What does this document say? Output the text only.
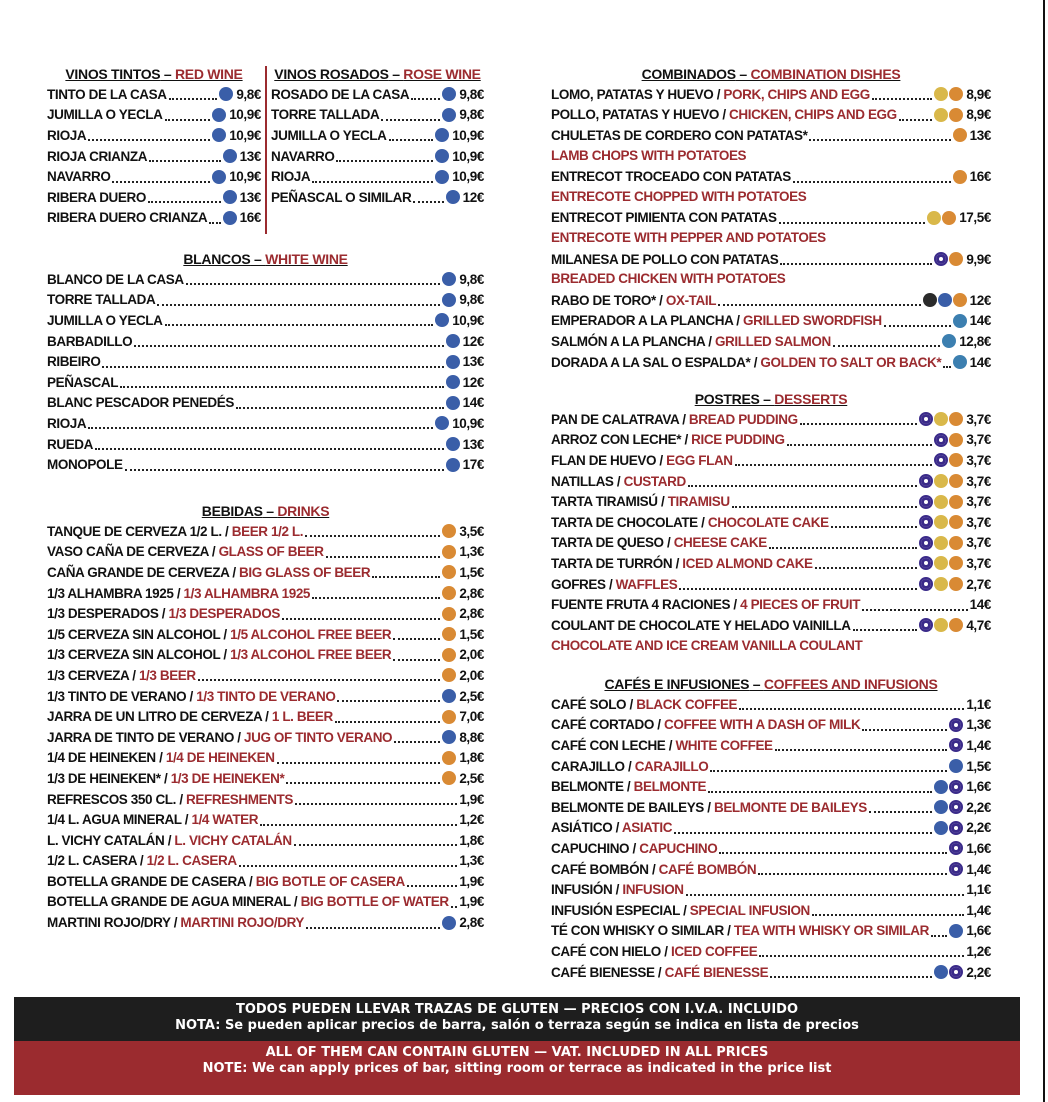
VINOS TINTOS – RED WINE
TINTO DE LA CASA	9,8€
JUMILLA O YECLA	10,9€
RIOJA	10,9€
RIOJA CRIANZA	13€
NAVARRO	10,9€
RIBERA DUERO	13€
RIBERA DUERO CRIANZA 16€
VINOS ROSADOS – ROSE WINE
ROSADO DE LA CASA	9,8€
TORRE TALLADA	9,8€
JUMILLA O YECLA	10,9€
NAVARRO	10,9€
RIOJA	10,9€
PEÑASCAL O SIMILAR	12€
BLANCOS – WHITE WINE
BLANCO DE LA CASA	9,8€
TORRE TALLADA	9,8€
JUMILLA O YECLA	10,9€
BARBADILLO	12€
RIBEIRO	13€
PEÑASCAL	12€
BLANC PESCADOR PENEDÉS	14€
RIOJA	10,9€
RUEDA	13€
MONOPOLE	17€
BEBIDAS – DRINKS
TANQUE DE CERVEZA 1/2 L. / BEER 1/2 L.	3,5€
VASO CAÑA DE CERVEZA / GLASS OF BEER	1,3€
CAÑA GRANDE DE CERVEZA / BIG GLASS OF BEER	1,5€
1/3 ALHAMBRA 1925 / 1/3 ALHAMBRA 1925	2,8€
1/3 DESPERADOS / 1/3 DESPERADOS	2,8€
1/5 CERVEZA SIN ALCOHOL / 1/5 ALCOHOL FREE BEER	1,5€
1/3 CERVEZA SIN ALCOHOL / 1/3 ALCOHOL FREE BEER	2,0€
1/3 CERVEZA / 1/3 BEER	2,0€
1/3 TINTO DE VERANO / 1/3 TINTO DE VERANO	2,5€
JARRA DE UN LITRO DE CERVEZA / 1 L. BEER	7,0€
JARRA DE TINTO DE VERANO / JUG OF TINTO VERANO	8,8€
1/4 DE HEINEKEN / 1/4 DE HEINEKEN	1,8€
1/3 DE HEINEKEN* / 1/3 DE HEINEKEN*	2,5€
REFRESCOS 350 CL. / REFRESHMENTS	1,9€
1/4 L. AGUA MINERAL / 1/4 WATER	1,2€
L. VICHY CATALÁN / L. VICHY CATALÁN	1,8€
1/2 L. CASERA / 1/2 L. CASERA	1,3€
BOTELLA GRANDE DE CASERA / BIG BOTLE OF CASERA	1,9€
BOTELLA GRANDE DE AGUA MINERAL / BIG BOTTLE OF WATER 1,9€
MARTINI ROJO/DRY / MARTINI ROJO/DRY	2,8€
COMBINADOS – COMBINATION DISHES
LOMO, PATATAS Y HUEVO / PORK, CHIPS AND EGG	8,9€
POLLO, PATATAS Y HUEVO / CHICKEN, CHIPS AND EGG	8,9€
CHULETAS DE CORDERO CON PATATAS*	13€
LAMB CHOPS WITH POTATOES
ENTRECOT TROCEADO CON PATATAS	16€
ENTRECOTE CHOPPED WITH POTATOES
ENTRECOT PIMIENTA CON PATATAS	17,5€
ENTRECOTE WITH PEPPER AND POTATOES
MILANESA DE POLLO CON PATATAS	9,9€
BREADED CHICKEN WITH POTATOES
RABO DE TORO* / OX-TAIL	12€
EMPERADOR A LA PLANCHA / GRILLED SWORDFISH	14€
SALMÓN A LA PLANCHA / GRILLED SALMON	12,8€
DORADA A LA SAL O ESPALDA* / GOLDEN TO SALT OR BACK* 14€
POSTRES – DESSERTS
PAN DE CALATRAVA / BREAD PUDDING	3,7€
ARROZ CON LECHE* / RICE PUDDING	3,7€
FLAN DE HUEVO / EGG FLAN	3,7€
NATILLAS / CUSTARD	3,7€
TARTA TIRAMISÚ / TIRAMISU	3,7€
TARTA DE CHOCOLATE / CHOCOLATE CAKE	3,7€
TARTA DE QUESO / CHEESE CAKE	3,7€
TARTA DE TURRÓN / ICED ALMOND CAKE	3,7€
GOFRES / WAFFLES	2,7€
FUENTE FRUTA 4 RACIONES / 4 PIECES OF FRUIT	14€
COULANT DE CHOCOLATE Y HELADO VAINILLA	4,7€
CHOCOLATE AND ICE CREAM VANILLA COULANT
CAFÉS E INFUSIONES – COFFEES AND INFUSIONS
CAFÉ SOLO / BLACK COFFEE	1,1€
CAFÉ CORTADO / COFFEE WITH A DASH OF MILK	1,3€
CAFÉ CON LECHE / WHITE COFFEE	1,4€
CARAJILLO / CARAJILLO	1,5€
BELMONTE / BELMONTE	1,6€
BELMONTE DE BAILEYS / BELMONTE DE BAILEYS	2,2€
ASIÁTICO / ASIATIC	2,2€
CAPUCHINO / CAPUCHINO	1,6€
CAFÉ BOMBÓN / CAFÉ BOMBÓN	1,4€
INFUSIÓN / INFUSION	1,1€
INFUSIÓN ESPECIAL / SPECIAL INFUSION	1,4€
TÉ CON WHISKY O SIMILAR / TEA WITH WHISKY OR SIMILAR	1,6€
CAFÉ CON HIELO / ICED COFFEE	1,2€
CAFÉ BIENESSE / CAFÉ BIENESSE	2,2€
TODOS PUEDEN LLEVAR TRAZAS DE GLUTEN — PRECIOS CON I.V.A. INCLUIDO
NOTA: Se pueden aplicar precios de barra, salón o terraza según se indica en lista de precios
ALL OF THEM CAN CONTAIN GLUTEN — VAT. INCLUDED IN ALL PRICES
NOTE: We can apply prices of bar, sitting room or terrace as indicated in the price list
